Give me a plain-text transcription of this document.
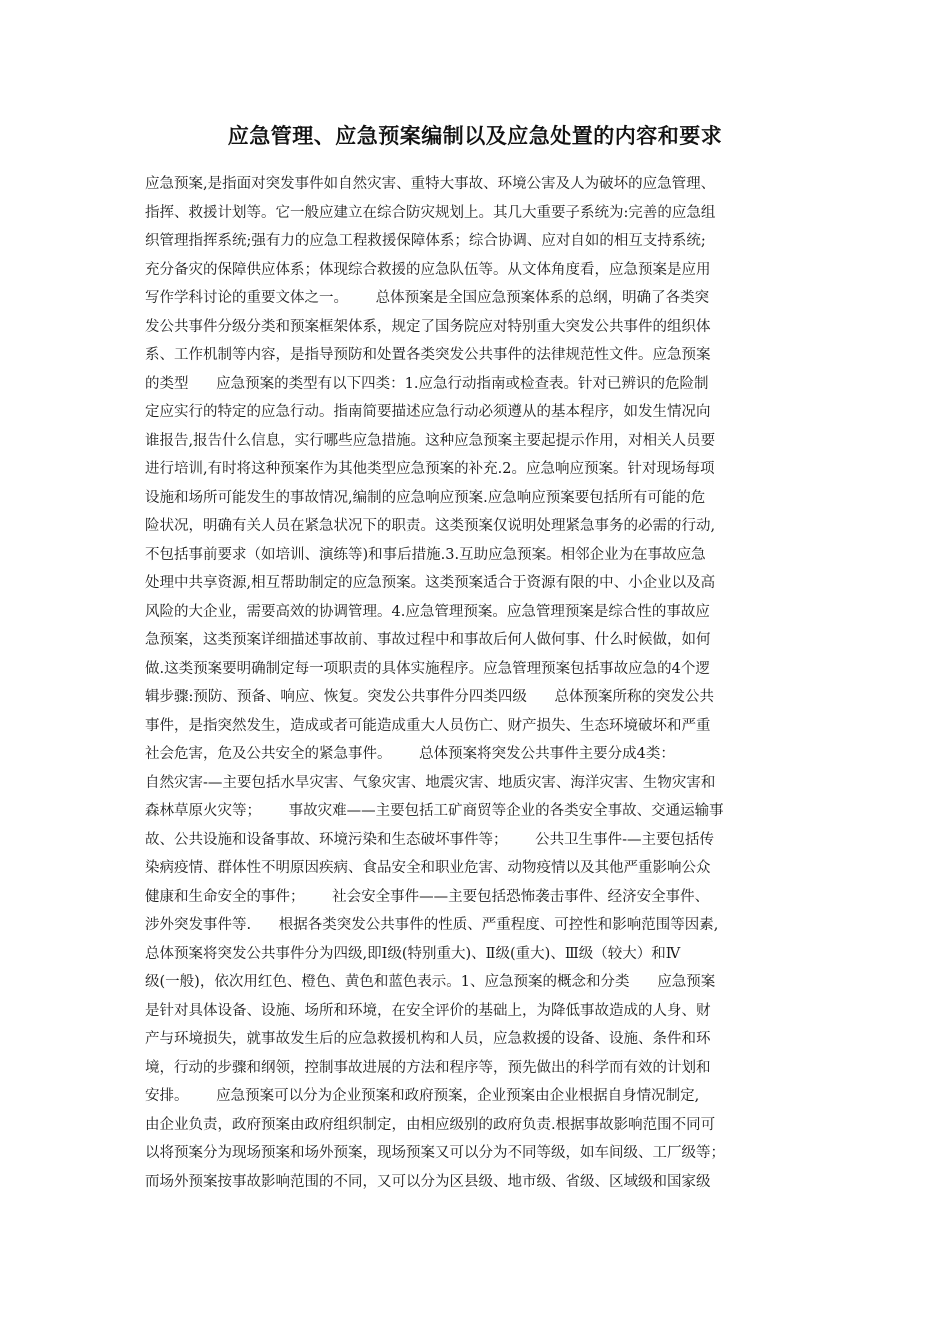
应急管理、应急预案编制以及应急处置的内容和要求
应急预案,是指面对突发事件如自然灾害、重特大事故、环境公害及人为破坏的应急管理、
指挥、救援计划等。它一般应建立在综合防灾规划上。其几大重要子系统为:完善的应急组
织管理指挥系统;强有力的应急工程救援保障体系；综合协调、应对自如的相互支持系统;
充分备灾的保障供应体系；体现综合救援的应急队伍等。从文体角度看，应急预案是应用
写作学科讨论的重要文体之一。      总体预案是全国应急预案体系的总纲，明确了各类突
发公共事件分级分类和预案框架体系，规定了国务院应对特别重大突发公共事件的组织体
系、工作机制等内容，是指导预防和处置各类突发公共事件的法律规范性文件。应急预案
的类型      应急预案的类型有以下四类：1.应急行动指南或检查表。针对已辨识的危险制
定应实行的特定的应急行动。指南简要描述应急行动必须遵从的基本程序，如发生情况向
谁报告,报告什么信息，实行哪些应急措施。这种应急预案主要起提示作用，对相关人员要
进行培训,有时将这种预案作为其他类型应急预案的补充.2。应急响应预案。针对现场每项
设施和场所可能发生的事故情况,编制的应急响应预案.应急响应预案要包括所有可能的危
险状况，明确有关人员在紧急状况下的职责。这类预案仅说明处理紧急事务的必需的行动,
不包括事前要求（如培训、演练等)和事后措施.3.互助应急预案。相邻企业为在事故应急
处理中共享资源,相互帮助制定的应急预案。这类预案适合于资源有限的中、小企业以及高
风险的大企业，需要高效的协调管理。4.应急管理预案。应急管理预案是综合性的事故应
急预案，这类预案详细描述事故前、事故过程中和事故后何人做何事、什么时候做，如何
做.这类预案要明确制定每一项职责的具体实施程序。应急管理预案包括事故应急的4个逻
辑步骤:预防、预备、响应、恢复。突发公共事件分四类四级      总体预案所称的突发公共
事件，是指突然发生，造成或者可能造成重大人员伤亡、财产损失、生态环境破坏和严重
社会危害，危及公共安全的紧急事件。      总体预案将突发公共事件主要分成4类：
自然灾害-—主要包括水旱灾害、气象灾害、地震灾害、地质灾害、海洋灾害、生物灾害和
森林草原火灾等；      事故灾难——主要包括工矿商贸等企业的各类安全事故、交通运输事
故、公共设施和设备事故、环境污染和生态破坏事件等；      公共卫生事件-—主要包括传
染病疫情、群体性不明原因疾病、食品安全和职业危害、动物疫情以及其他严重影响公众
健康和生命安全的事件；      社会安全事件——主要包括恐怖袭击事件、经济安全事件、
涉外突发事件等.      根据各类突发公共事件的性质、严重程度、可控性和影响范围等因素,
总体预案将突发公共事件分为四级,即Ⅰ级(特别重大)、Ⅱ级(重大)、Ⅲ级（较大）和Ⅳ
级(一般)，依次用红色、橙色、黄色和蓝色表示。1、应急预案的概念和分类      应急预案
是针对具体设备、设施、场所和环境，在安全评价的基础上，为降低事故造成的人身、财
产与环境损失，就事故发生后的应急救援机构和人员，应急救援的设备、设施、条件和环
境，行动的步骤和纲领，控制事故进展的方法和程序等，预先做出的科学而有效的计划和
安排。      应急预案可以分为企业预案和政府预案，企业预案由企业根据自身情况制定,
由企业负责，政府预案由政府组织制定，由相应级别的政府负责.根据事故影响范围不同可
以将预案分为现场预案和场外预案，现场预案又可以分为不同等级，如车间级、工厂级等；
而场外预案按事故影响范围的不同，又可以分为区县级、地市级、省级、区域级和国家级
